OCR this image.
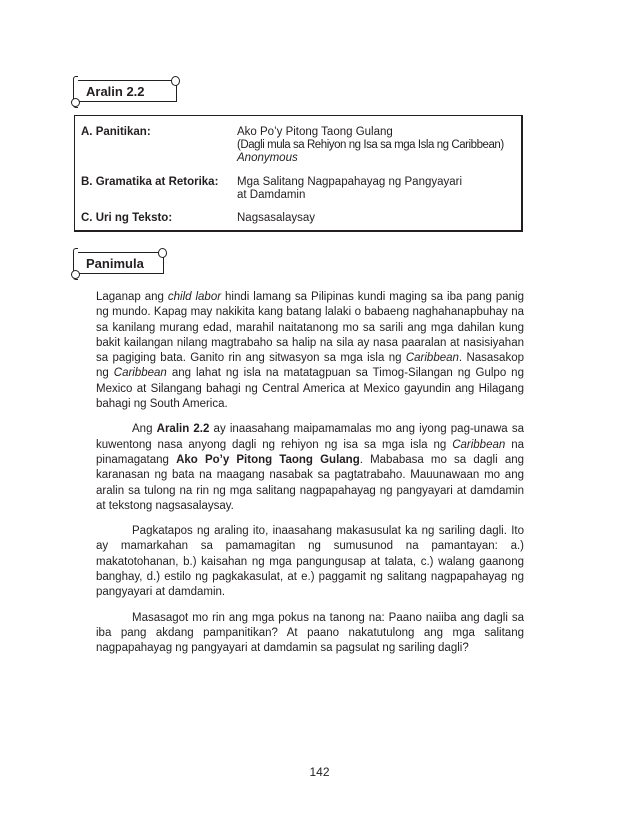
Aralin 2.2
A. Panitikan:	Ako Po’y Pitong Taong Gulang
(Dagli mula sa Rehiyon ng Isa sa mga Isla ng Caribbean)
Anonymous
B. Gramatika at Retorika: Mga Salitang Nagpapahayag ng Pangyayari
at Damdamin
C. Uri ng Teksto:	Nagsasalaysay
Panimula

Laganap ang child labor hindi lamang sa Pilipinas kundi maging sa iba pang panig ng mundo. Kapag may nakikita kang batang lalaki o babaeng naghahanapbuhay na sa kanilang murang edad, marahil naitatanong mo sa sarili ang mga dahilan kung bakit kailangan nilang magtrabaho sa halip na sila ay nasa paaralan at nasisiyahan sa pagiging bata. Ganito rin ang sitwasyon sa mga isla ng Caribbean. Nasasakop ng Caribbean ang lahat ng isla na matatagpuan sa Timog-Silangan ng Gulpo ng Mexico at Silangang bahagi ng Central America at Mexico gayundin ang Hilagang bahagi ng South America.

Ang Aralin 2.2 ay inaasahang maipamamalas mo ang iyong pag-unawa sa kuwentong nasa anyong dagli ng rehiyon ng isa sa mga isla ng Caribbean na pinamagatang Ako Po’y Pitong Taong Gulang. Mababasa mo sa dagli ang karanasan ng bata na maagang nasabak sa pagtatrabaho. Mauunawaan mo ang aralin sa tulong na rin ng mga salitang nagpapahayag ng pangyayari at damdamin at tekstong nagsasalaysay.

Pagkatapos ng araling ito, inaasahang makasusulat ka ng sariling dagli. Ito ay mamarkahan sa pamamagitan ng sumusunod na pamantayan: a.) makatotohanan, b.) kaisahan ng mga pangungusap at talata, c.) walang gaanong banghay, d.) estilo ng pagkakasulat, at e.) paggamit ng salitang nagpapahayag ng pangyayari at damdamin.

Masasagot mo rin ang mga pokus na tanong na: Paano naiiba ang dagli sa iba pang akdang pampanitikan? At paano nakatutulong ang mga salitang nagpapahayag ng pangyayari at damdamin sa pagsulat ng sariling dagli?

142
